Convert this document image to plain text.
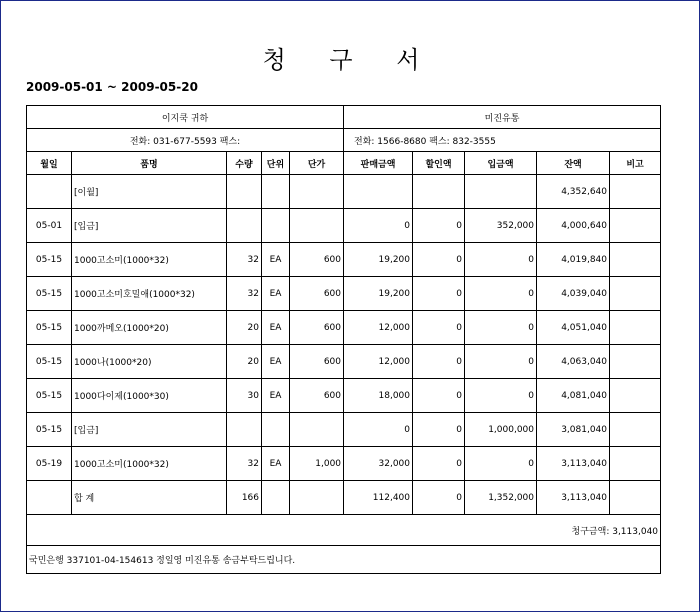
청 구 서
2009-05-01 ~ 2009-05-20
이지쿡 귀하					미진유통				
전화: 031-677-5593 팩스:					전화: 1566-8680 팩스: 832-3555				
월일	품명	수량	단위	단가	판매금액	할인액	입금액	잔액	비고
	[이월]							4,352,640	
05-01	[입금]				0	0	352,000	4,000,640	
05-15	1000고소미(1000*32)	32	EA	600	19,200	0	0	4,019,840	
05-15	1000고소미호밀애(1000*32)	32	EA	600	19,200	0	0	4,039,040	
05-15	1000까메오(1000*20)	20	EA	600	12,000	0	0	4,051,040	
05-15	1000나(1000*20)	20	EA	600	12,000	0	0	4,063,040	
05-15	1000다이제(1000*30)	30	EA	600	18,000	0	0	4,081,040	
05-15	[입금]				0	0	1,000,000	3,081,040	
05-19	1000고소미(1000*32)	32	EA	1,000	32,000	0	0	3,113,040	
	합 계	166			112,400	0	1,352,000	3,113,040	
청구금액: 3,113,040									
국민은행 337101-04-154613 정일영 미진유통 송금부탁드립니다.									
